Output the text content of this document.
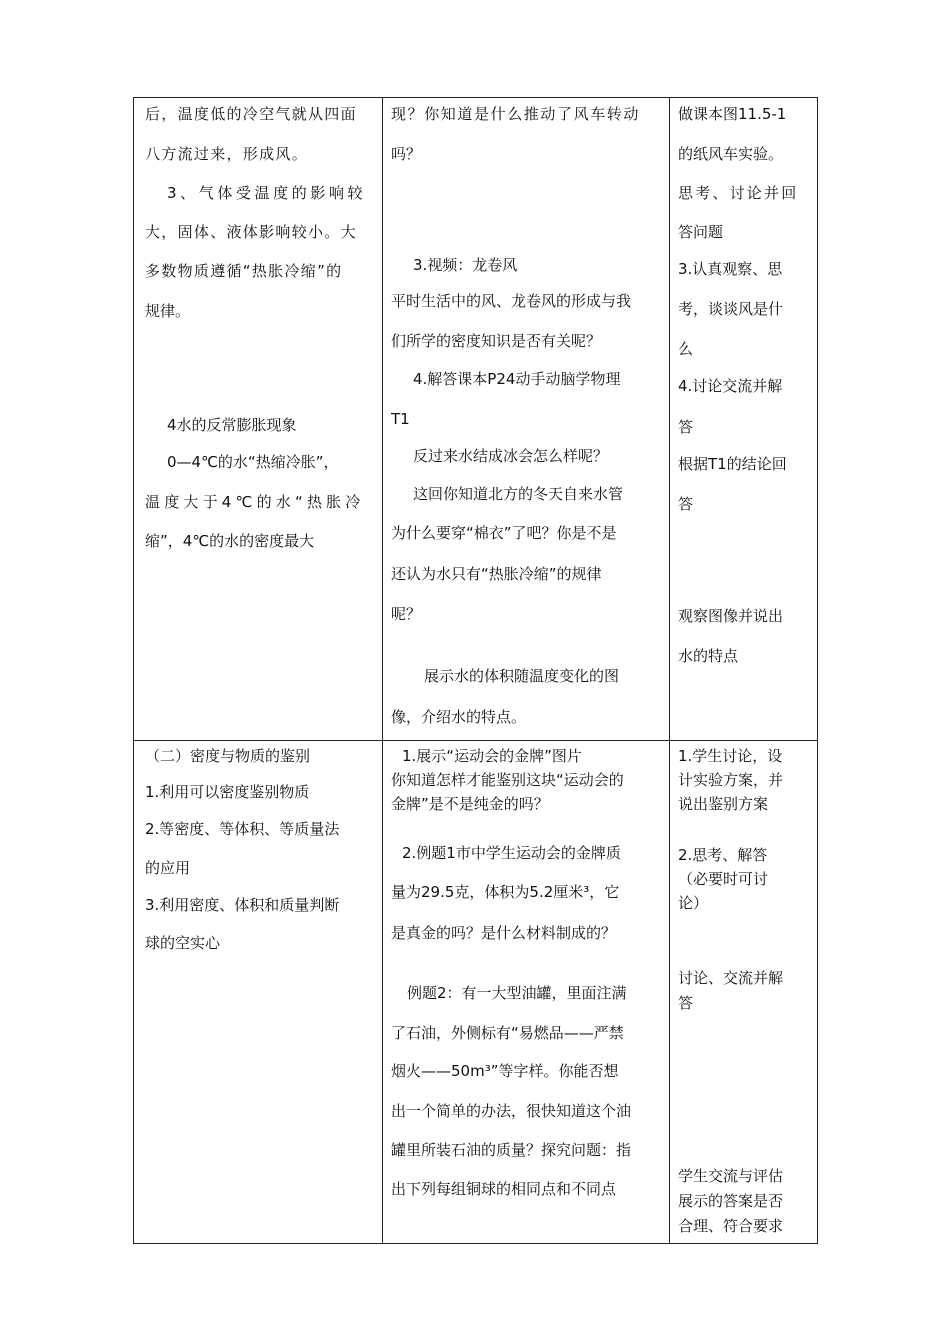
后，温度低的冷空气就从四面
八方流过来，形成风。
3、气体受温度的影响较
大，固体、液体影响较小。大
多数物质遵循“热胀冷缩”的
规律。
4水的反常膨胀现象
0—4℃的水“热缩冷胀”，
温度大于4℃的水“热胀冷
缩”，4℃的水的密度最大
现？你知道是什么推动了风车转动
吗？
3.视频：龙卷风
平时生活中的风、龙卷风的形成与我
们所学的密度知识是否有关呢？
4.解答课本P24动手动脑学物理
T1
反过来水结成冰会怎么样呢？
这回你知道北方的冬天自来水管
为什么要穿“棉衣”了吧？你是不是
还认为水只有“热胀冷缩”的规律
呢？
展示水的体积随温度变化的图
像，介绍水的特点。
做课本图11.5-1
的纸风车实验。
思考、讨论并回
答问题
3.认真观察、思
考，谈谈风是什
么
4.讨论交流并解
答
根据T1的结论回
答
观察图像并说出
水的特点
（二）密度与物质的鉴别
1.利用可以密度鉴别物质
2.等密度、等体积、等质量法
的应用
3.利用密度、体积和质量判断
球的空实心
1.展示“运动会的金牌”图片
你知道怎样才能鉴别这块“运动会的
金牌”是不是纯金的吗？
2.例题1市中学生运动会的金牌质
量为29.5克，体积为5.2厘米³，它
是真金的吗？是什么材料制成的？
例题2：有一大型油罐，里面注满
了石油，外侧标有“易燃品——严禁
烟火——50m³”等字样。你能否想
出一个简单的办法，很快知道这个油
罐里所装石油的质量？探究问题：指
出下列每组铜球的相同点和不同点
1.学生讨论，设
计实验方案，并
说出鉴别方案
2.思考、解答
（必要时可讨
论）
讨论、交流并解
答
学生交流与评估
展示的答案是否
合理、符合要求
